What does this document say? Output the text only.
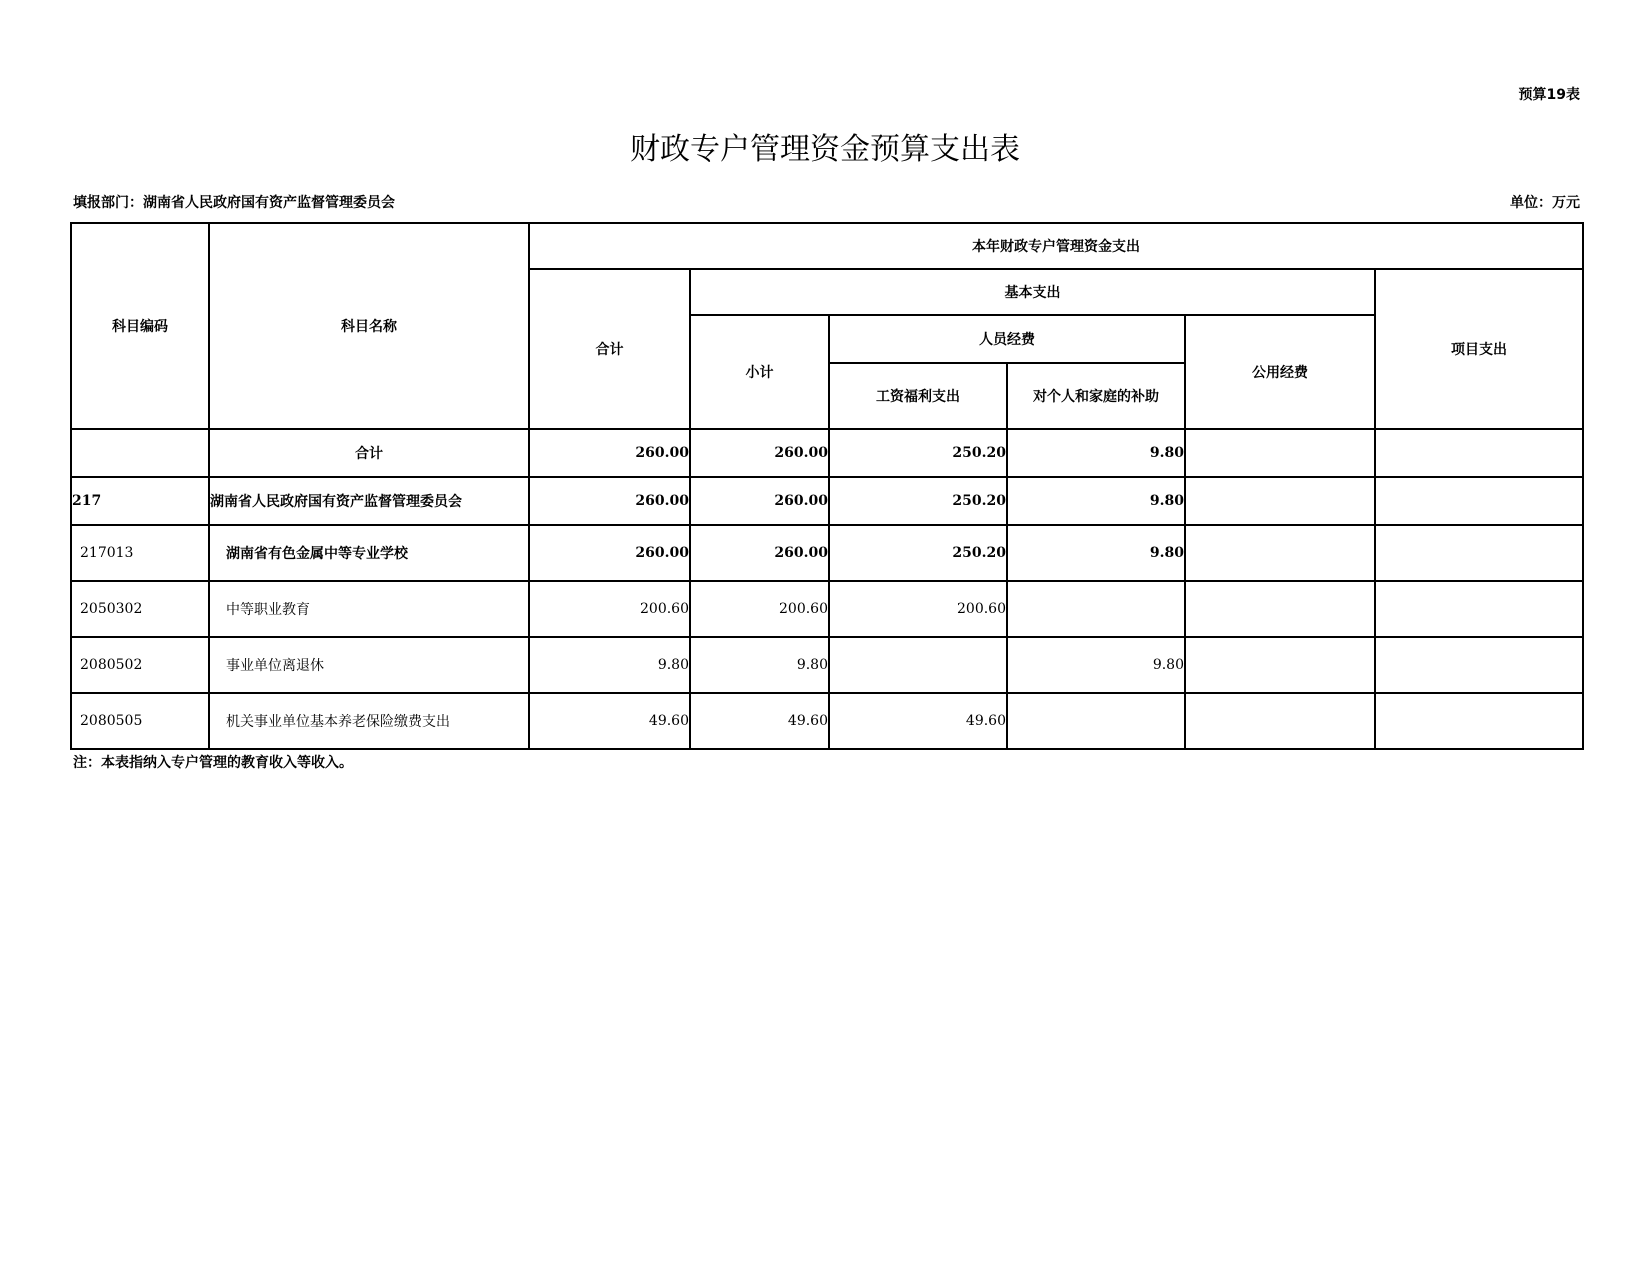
预算19表
财政专户管理资金预算支出表
填报部门：湖南省人民政府国有资产监督管理委员会	单位：万元
科目编码	科目名称	本年财政专户管理资金支出					
		合计	基本支出				项目支出
			小计	人员经费		公用经费	
				工资福利支出	对个人和家庭的补助		
	合计	260.00	260.00	250.20	9.80		
217	湖南省人民政府国有资产监督管理委员会	260.00	260.00	250.20	9.80		
217013	湖南省有色金属中等专业学校	260.00	260.00	250.20	9.80		
2050302	中等职业教育	200.60	200.60	200.60			
2080502	事业单位离退休	9.80	9.80		9.80		
2080505	机关事业单位基本养老保险缴费支出	49.60	49.60	49.60			
注：本表指纳入专户管理的教育收入等收入。
